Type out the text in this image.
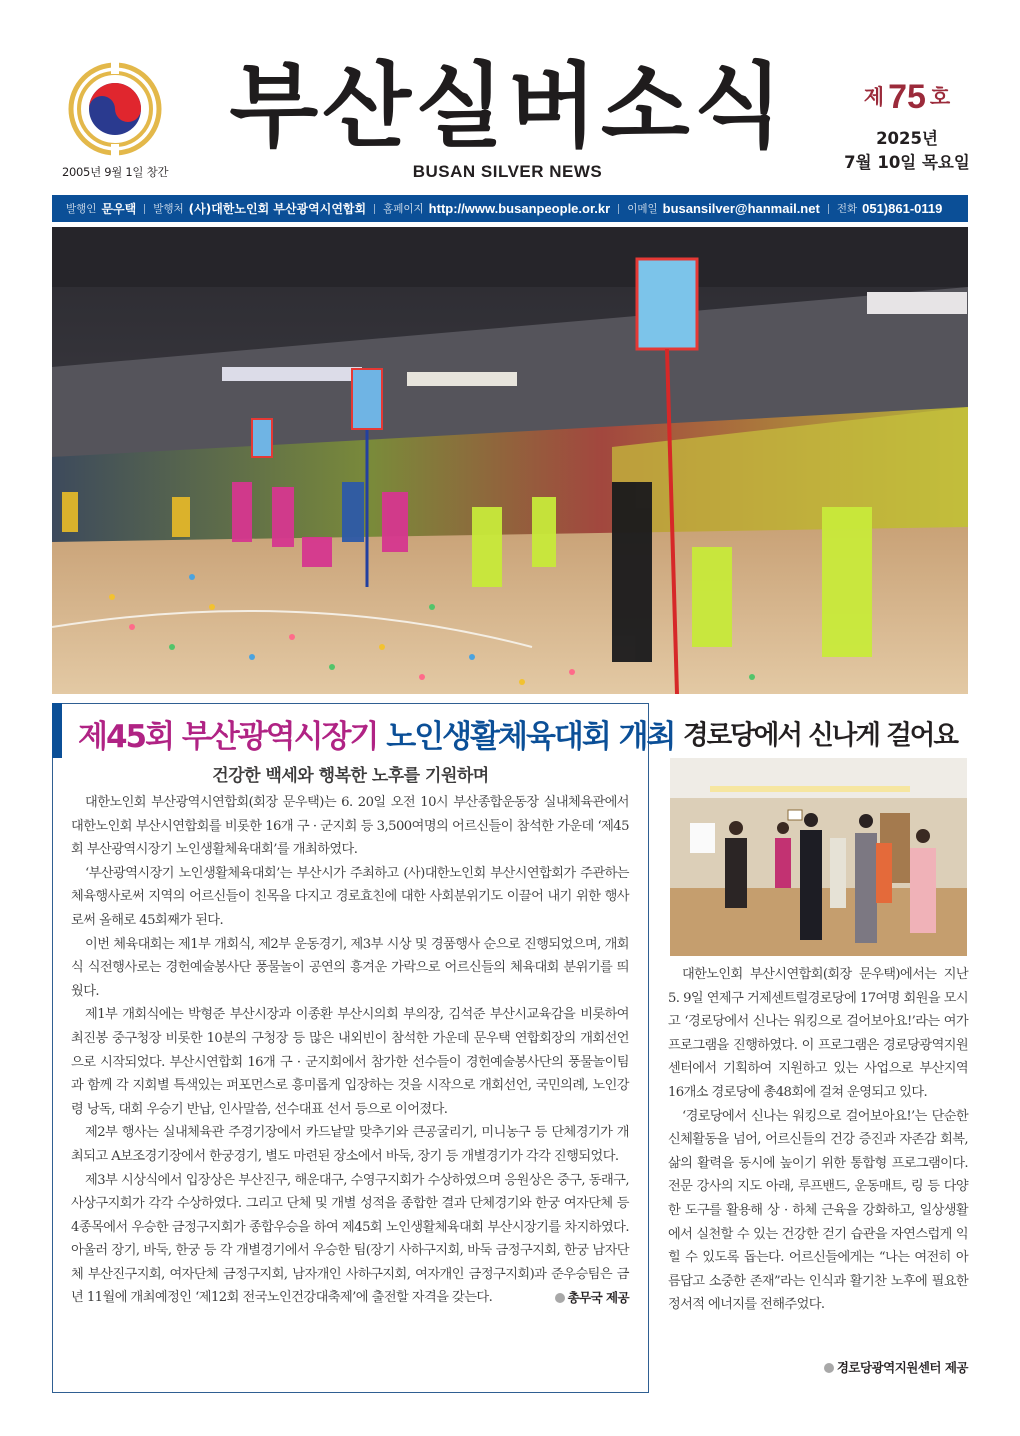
2005년 9월 1일 창간
부산실버소식
BUSAN SILVER NEWS
제 75 호
2025년
7월 10일 목요일
발행인 문우택 발행처 (사)대한노인회 부산광역시연합회 홈페이지 http://www.busanpeople.or.kr 이메일 busansilver@hanmail.net 전화 051)861-0119
제45회 부산광역시장기 노인생활체육대회 개최
건강한 백세와 행복한 노후를 기원하며

대한노인회 부산광역시연합회(회장 문우택)는 6. 20일 오전 10시 부산종합운동장 실내체육관에서 대한노인회 부산시연합회를 비롯한 16개 구 · 군지회 등 3,500여명의 어르신들이 참석한 가운데 ‘제45회 부산광역시장기 노인생활체육대회’를 개최하였다.

‘부산광역시장기 노인생활체육대회’는 부산시가 주최하고 (사)대한노인회 부산시연합회가 주관하는 체육행사로써 지역의 어르신들이 친목을 다지고 경로효친에 대한 사회분위기도 이끌어 내기 위한 행사로써 올해로 45회째가 된다.

이번 체육대회는 제1부 개회식, 제2부 운동경기, 제3부 시상 및 경품행사 순으로 진행되었으며, 개회식 식전행사로는 경헌예술봉사단 풍물놀이 공연의 흥겨운 가락으로 어르신들의 체육대회 분위기를 띄웠다.

제1부 개회식에는 박형준 부산시장과 이종환 부산시의회 부의장, 김석준 부산시교육감을 비롯하여 최진봉 중구청장 비롯한 10분의 구청장 등 많은 내외빈이 참석한 가운데 문우택 연합회장의 개회선언으로 시작되었다. 부산시연합회 16개 구 · 군지회에서 참가한 선수들이 경헌예술봉사단의 풍물놀이팀과 함께 각 지회별 특색있는 퍼포먼스로 흥미롭게 입장하는 것을 시작으로 개회선언, 국민의례, 노인강령 낭독, 대회 우승기 반납, 인사말씀, 선수대표 선서 등으로 이어졌다.

제2부 행사는 실내체육관 주경기장에서 카드낱말 맞추기와 큰공굴리기, 미니농구 등 단체경기가 개최되고 A보조경기장에서 한궁경기, 별도 마련된 장소에서 바둑, 장기 등 개별경기가 각각 진행되었다.

제3부 시상식에서 입장상은 부산진구, 해운대구, 수영구지회가 수상하였으며 응원상은 중구, 동래구, 사상구지회가 각각 수상하였다. 그리고 단체 및 개별 성적을 종합한 결과 단체경기와 한궁 여자단체 등 4종목에서 우승한 금정구지회가 종합우승을 하여 제45회 노인생활체육대회 부산시장기를 차지하였다. 아울러 장기, 바둑, 한궁 등 각 개별경기에서 우승한 팀(장기 사하구지회, 바둑 금정구지회, 한궁 남자단체 부산진구지회, 여자단체 금정구지회, 남자개인 사하구지회, 여자개인 금정구지회)과 준우승팀은 금년 11월에 개최예정인 ‘제12회 전국노인건강대축제’에 출전할 자격을 갖는다.	총무국 제공
경로당에서 신나게 걸어요

대한노인회 부산시연합회(회장 문우택)에서는 지난 5. 9일 연제구 거제센트럴경로당에 17여명 회원을 모시고 ‘경로당에서 신나는 워킹으로 걸어보아요!’라는 여가프로그램을 진행하였다. 이 프로그램은 경로당광역지원센터에서 기획하여 지원하고 있는 사업으로 부산지역 16개소 경로당에 총48회에 걸쳐 운영되고 있다.

‘경로당에서 신나는 워킹으로 걸어보아요!’는 단순한 신체활동을 넘어, 어르신들의 건강 증진과 자존감 회복, 삶의 활력을 동시에 높이기 위한 통합형 프로그램이다. 전문 강사의 지도 아래, 루프밴드, 운동매트, 링 등 다양한 도구를 활용해 상 · 하체 근육을 강화하고, 일상생활에서 실천할 수 있는 건강한 걷기 습관을 자연스럽게 익힐 수 있도록 돕는다. 어르신들에게는 “나는 여전히 아름답고 소중한 존재”라는 인식과 활기찬 노후에 필요한 정서적 에너지를 전해주었다.

경로당광역지원센터 제공
